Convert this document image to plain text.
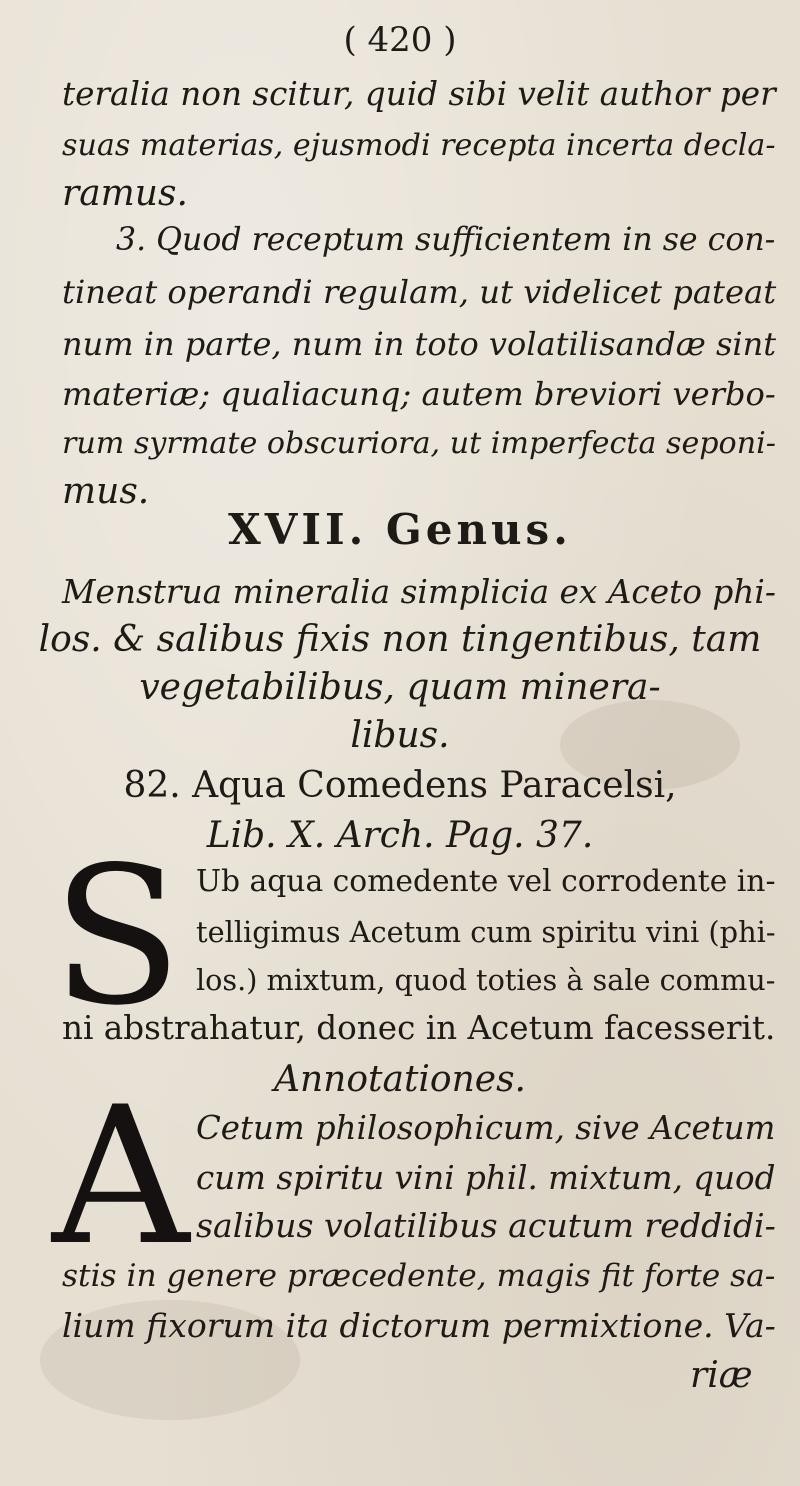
( 420 )
teralia non scitur, quid sibi velit author per
suas materias, ejusmodi recepta incerta decla-
ramus.
3. Quod receptum sufficientem in se con-
tineat operandi regulam, ut videlicet pateat
num in parte, num in toto volatilisandæ sint
materiæ; qualiacunq; autem breviori verbo-
rum syrmate obscuriora, ut imperfecta seponi-
mus.
XVII. Genus.
Menstrua mineralia simplicia ex Aceto phi-
los. & salibus fixis non tingentibus, tam
vegetabilibus, quam minera-
libus.
82. Aqua Comedens Paracelsi,
Lib. X. Arch. Pag. 37.
S Ub aqua comedente vel corrodente in-
telligimus Acetum cum spiritu vini (phi-
los.) mixtum, quod toties à sale commu-
ni abstrahatur, donec in Acetum facesserit.
Annotationes.
A Cetum philosophicum, sive Acetum
cum spiritu vini phil. mixtum, quod
salibus volatilibus acutum reddidi-
stis in genere præcedente, magis fit forte sa-
lium fixorum ita dictorum permixtione. Va-
riæ
